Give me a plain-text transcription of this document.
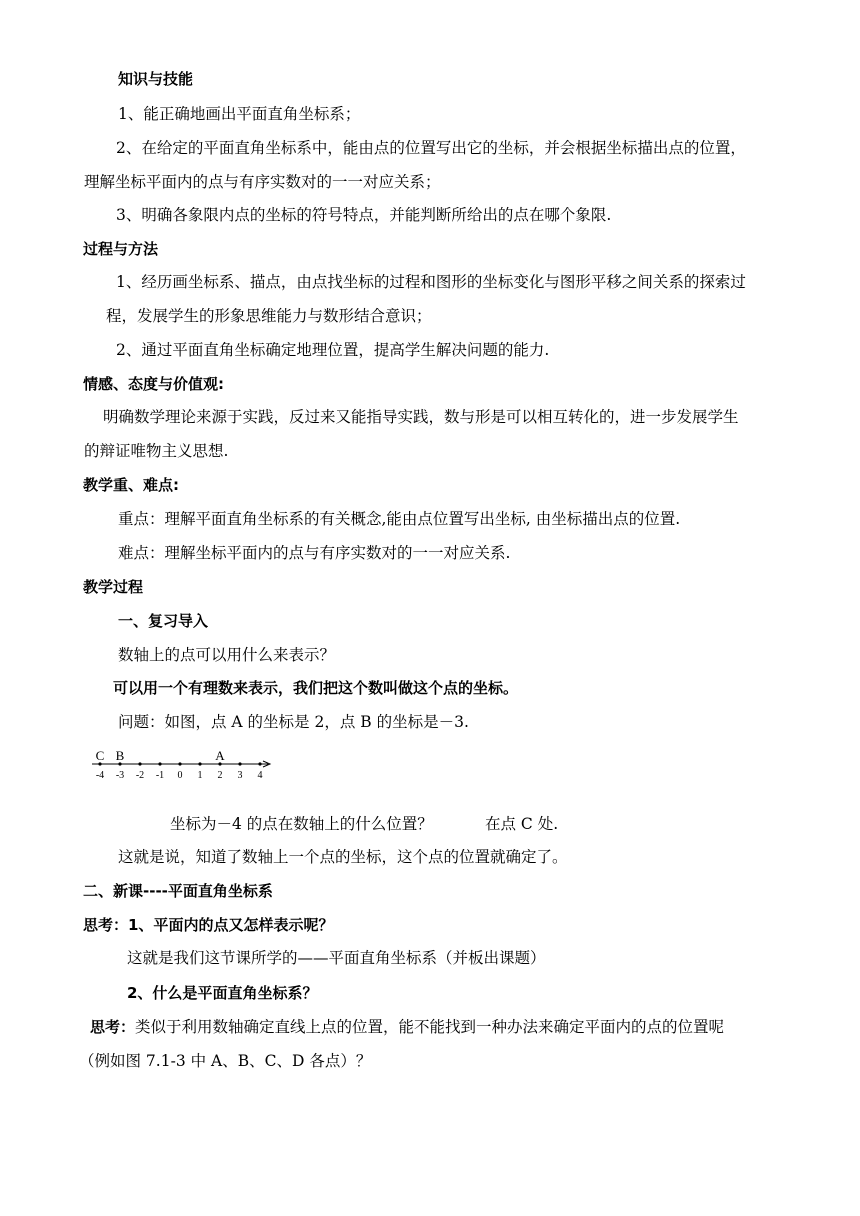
知识与技能
1、能正确地画出平面直角坐标系；
2、在给定的平面直角坐标系中，能由点的位置写出它的坐标，并会根据坐标描出点的位置，
理解坐标平面内的点与有序实数对的一一对应关系；
3、明确各象限内点的坐标的符号特点，并能判断所给出的点在哪个象限.
过程与方法
1、经历画坐标系、描点，由点找坐标的过程和图形的坐标变化与图形平移之间关系的探索过
程，发展学生的形象思维能力与数形结合意识；
2、通过平面直角坐标确定地理位置，提高学生解决问题的能力.
情感、态度与价值观:
明确数学理论来源于实践，反过来又能指导实践，数与形是可以相互转化的，进一步发展学生
的辩证唯物主义思想.
教学重、难点:
重点：理解平面直角坐标系的有关概念,能由点位置写出坐标, 由坐标描出点的位置.
难点：理解坐标平面内的点与有序实数对的一一对应关系.
教学过程
一、复习导入
数轴上的点可以用什么来表示？
可以用一个有理数来表示，我们把这个数叫做这个点的坐标。
问题：如图，点 A 的坐标是 2，点 B 的坐标是－3.
-4 -3 -2 -1 0 1 2 3 4
C B	A
坐标为－4 的点在数轴上的什么位置？	在点 C 处.
这就是说，知道了数轴上一个点的坐标，这个点的位置就确定了。
二、新课----平面直角坐标系
思考：1、平面内的点又怎样表示呢？
这就是我们这节课所学的——平面直角坐标系（并板出课题）
2、什么是平面直角坐标系？
思考：类似于利用数轴确定直线上点的位置，能不能找到一种办法来确定平面内的点的位置呢
（例如图 7.1-3 中 A、B、C、D 各点）？
